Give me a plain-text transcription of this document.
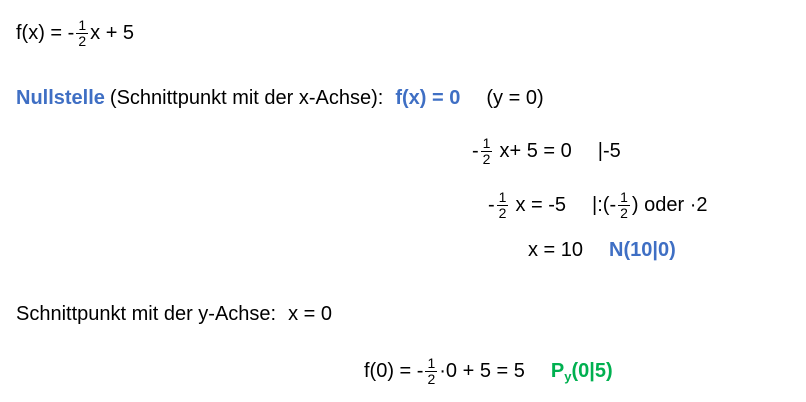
f(x) = - $\frac{1}{2}$ x + 5
Nullstelle (Schnittpunkt mit der x-Achse): f(x) = 0 (y = 0)
- $\frac{1}{2} x+ 5 = 0$ |-5
- $\frac{1}{2}$ x = -5 |:(- $\frac{1}{2}$ ) oder ·2
x = 10 N(10|0)
Schnittpunkt mit der y-Achse: x = 0
f(0) = - $\frac{1}{2} \cdot 0 + 5 = 5$ P y (0|5)
